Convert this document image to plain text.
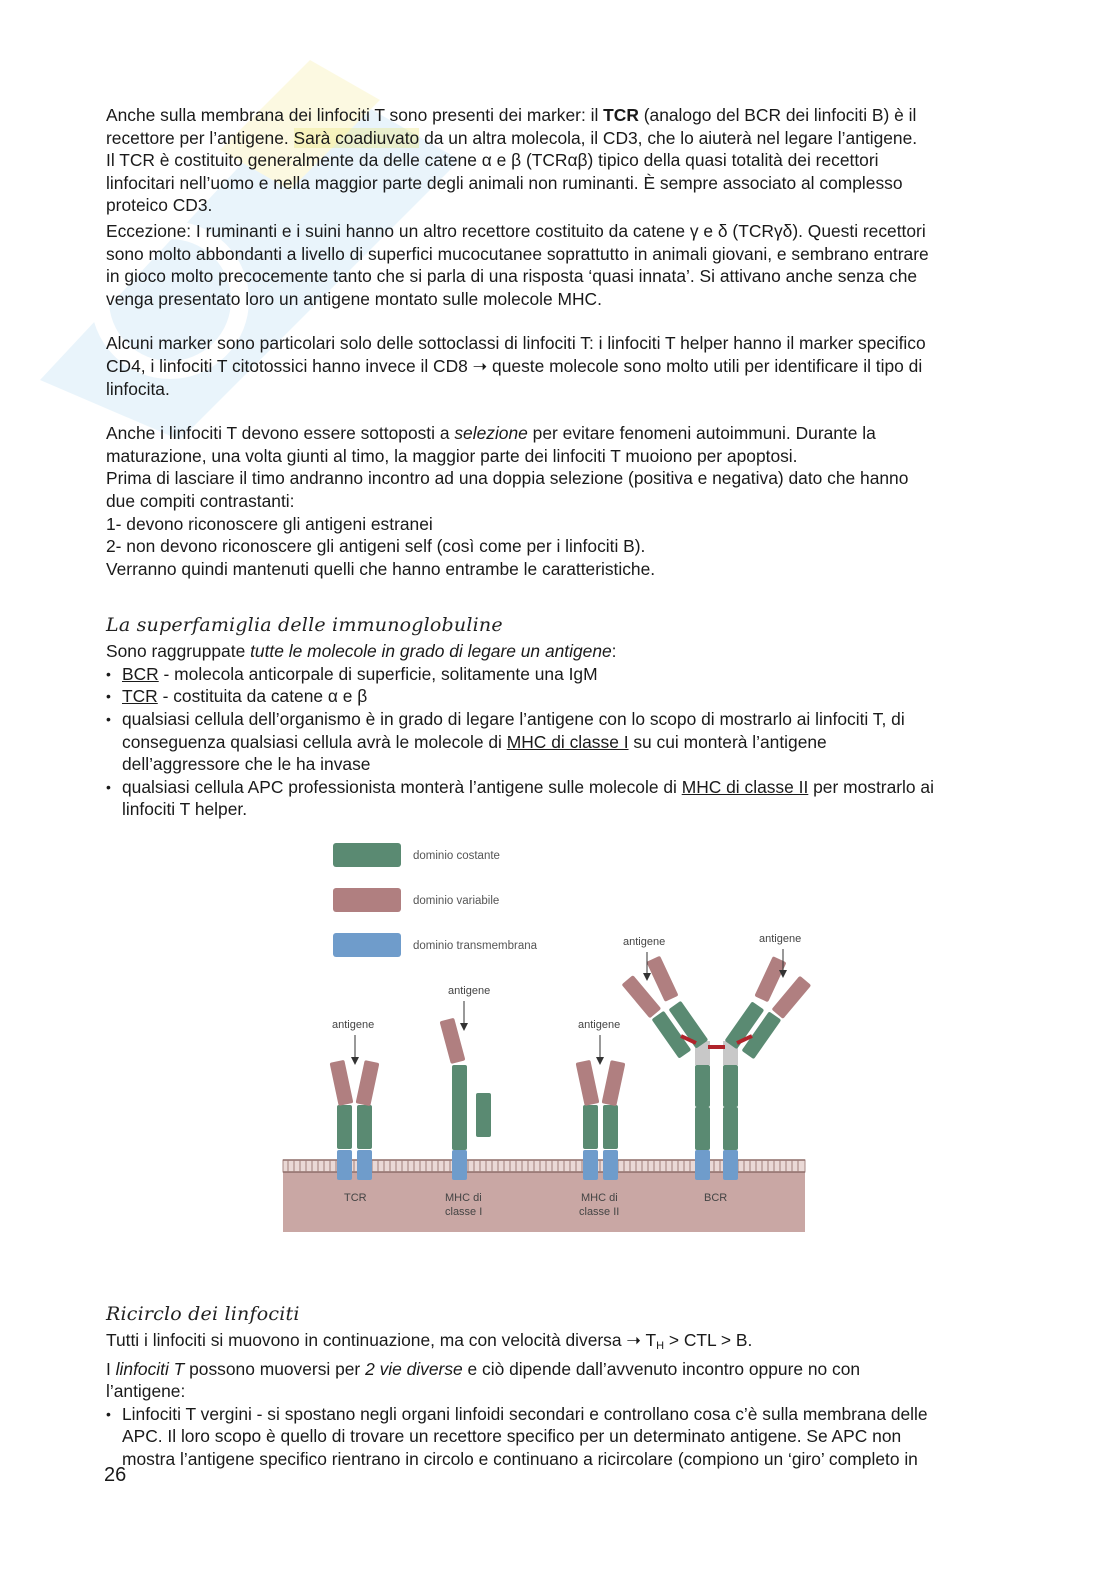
Anche sulla membrana dei linfociti T sono presenti dei marker: il TCR (analogo del BCR dei linfociti B) è il

recettore per l’antigene. Sarà coadiuvato da un altra molecola, il CD3, che lo aiuterà nel legare l’antigene.

Il TCR è costituito generalmente da delle catene α e β (TCRαβ) tipico della quasi totalità dei recettori

linfocitari nell’uomo e nella maggior parte degli animali non ruminanti. È sempre associato al complesso

proteico CD3.

Eccezione: I ruminanti e i suini hanno un altro recettore costituito da catene γ e δ (TCRγδ). Questi recettori

sono molto abbondanti a livello di superfici mucocutanee soprattutto in animali giovani, e sembrano entrare

in gioco molto precocemente tanto che si parla di una risposta ‘quasi innata’. Si attivano anche senza che

venga presentato loro un antigene montato sulle molecole MHC.

Alcuni marker sono particolari solo delle sottoclassi di linfociti T: i linfociti T helper hanno il marker specifico

CD4, i linfociti T citotossici hanno invece il CD8 ➝ queste molecole sono molto utili per identificare il tipo di

linfocita.

Anche i linfociti T devono essere sottoposti a selezione per evitare fenomeni autoimmuni. Durante la

maturazione, una volta giunti al timo, la maggior parte dei linfociti T muoiono per apoptosi.

Prima di lasciare il timo andranno incontro ad una doppia selezione (positiva e negativa) dato che hanno

due compiti contrastanti:

1- devono riconoscere gli antigeni estranei

2- non devono riconoscere gli antigeni self (così come per i linfociti B).

Verranno quindi mantenuti quelli che hanno entrambe le caratteristiche.

La superfamiglia delle immunoglobuline

Sono raggruppate tutte le molecole in grado di legare un antigene:

• BCR - molecola anticorpale di superficie, solitamente una IgM
• TCR - costituita da catene α e β
• qualsiasi cellula dell’organismo è in grado di legare l’antigene con lo scopo di mostrarlo ai linfociti T, di
conseguenza qualsiasi cellula avrà le molecole di MHC di classe I su cui monterà l’antigene
dell’aggressore che le ha invase
• qualsiasi cellula APC professionista monterà l’antigene sulle molecole di MHC di classe II per mostrarlo ai
linfociti T helper.
dominio costante
dominio variabile
dominio transmembrana
antigene
TCR
antigene
MHC di
classe I
antigene
MHC di
classe II
antigene	antigene
BCR

Ricirclo dei linfociti

Tutti i linfociti si muovono in continuazione, ma con velocità diversa ➝ $T_H$ > CTL > B.

I linfociti T possono muoversi per 2 vie diverse e ciò dipende dall’avvenuto incontro oppure no con

l’antigene:

• Linfociti T vergini - si spostano negli organi linfoidi secondari e controllano cosa c’è sulla membrana delle
APC. Il loro scopo è quello di trovare un recettore specifico per un determinato antigene. Se APC non
mostra l’antigene specifico rientrano in circolo e continuano a ricircolare (compiono un ‘giro’ completo in
26
